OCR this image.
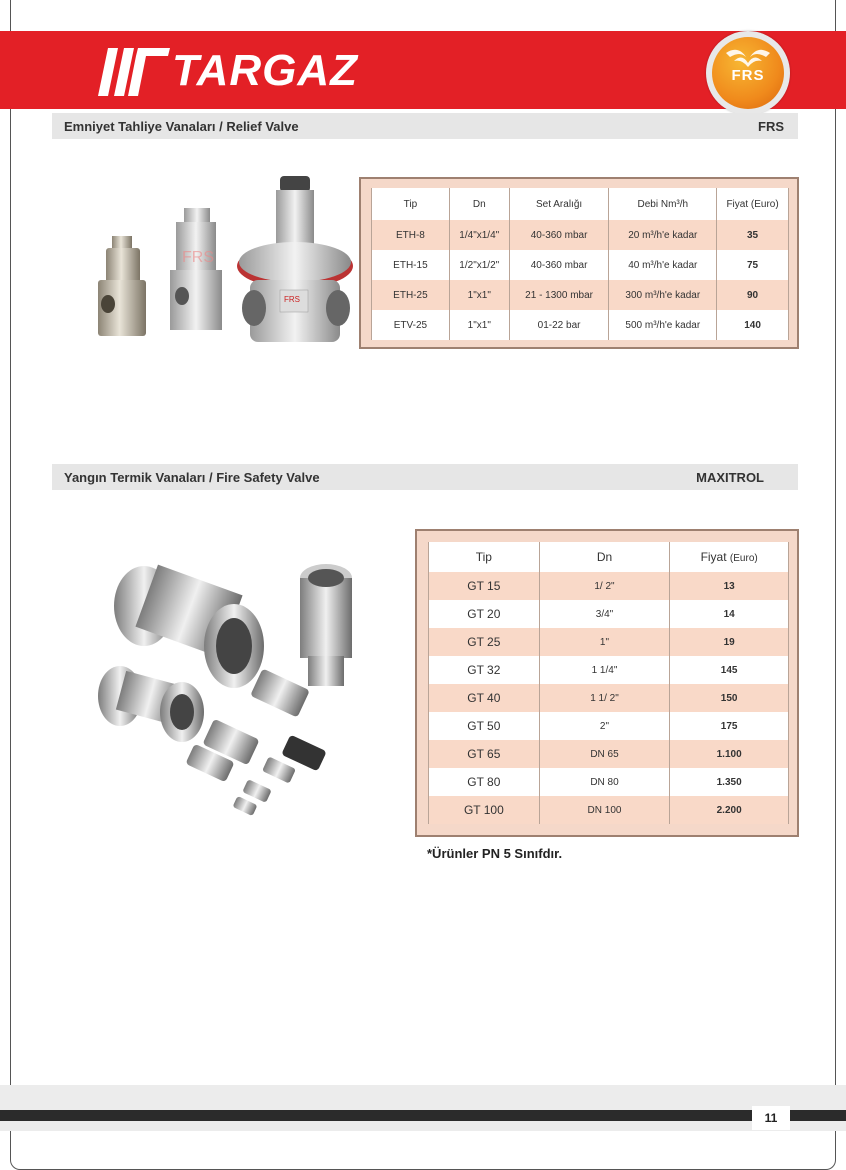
TARGAZ	FRS
Emniyet Tahliye Vanaları / Relief Valve	FRS
FRS
FRS
Tip	Dn	Set Aralığı	Debi Nm³/h	Fiyat (Euro)
ETH-8	1/4"x1/4"	40-360 mbar	20 m³/h'e kadar	35
ETH-15	1/2"x1/2"	40-360 mbar	40 m³/h'e kadar	75
ETH-25	1"x1"	21 - 1300 mbar	300 m³/h'e kadar	90
ETV-25	1"x1"	01-22 bar	500 m³/h'e kadar	140
Yangın Termik Vanaları / Fire Safety Valve	MAXITROL
Tip	Dn	Fiyat (Euro)
GT 15	1/ 2"	13
GT 20	3/4"	14
GT 25	1"	19
GT 32	1 1/4"	145
GT 40	1 1/ 2"	150
GT 50	2"	175
GT 65	DN 65	1.100
GT 80	DN 80	1.350
GT 100	DN 100	2.200
*Ürünler PN 5 Sınıfdır.
11
